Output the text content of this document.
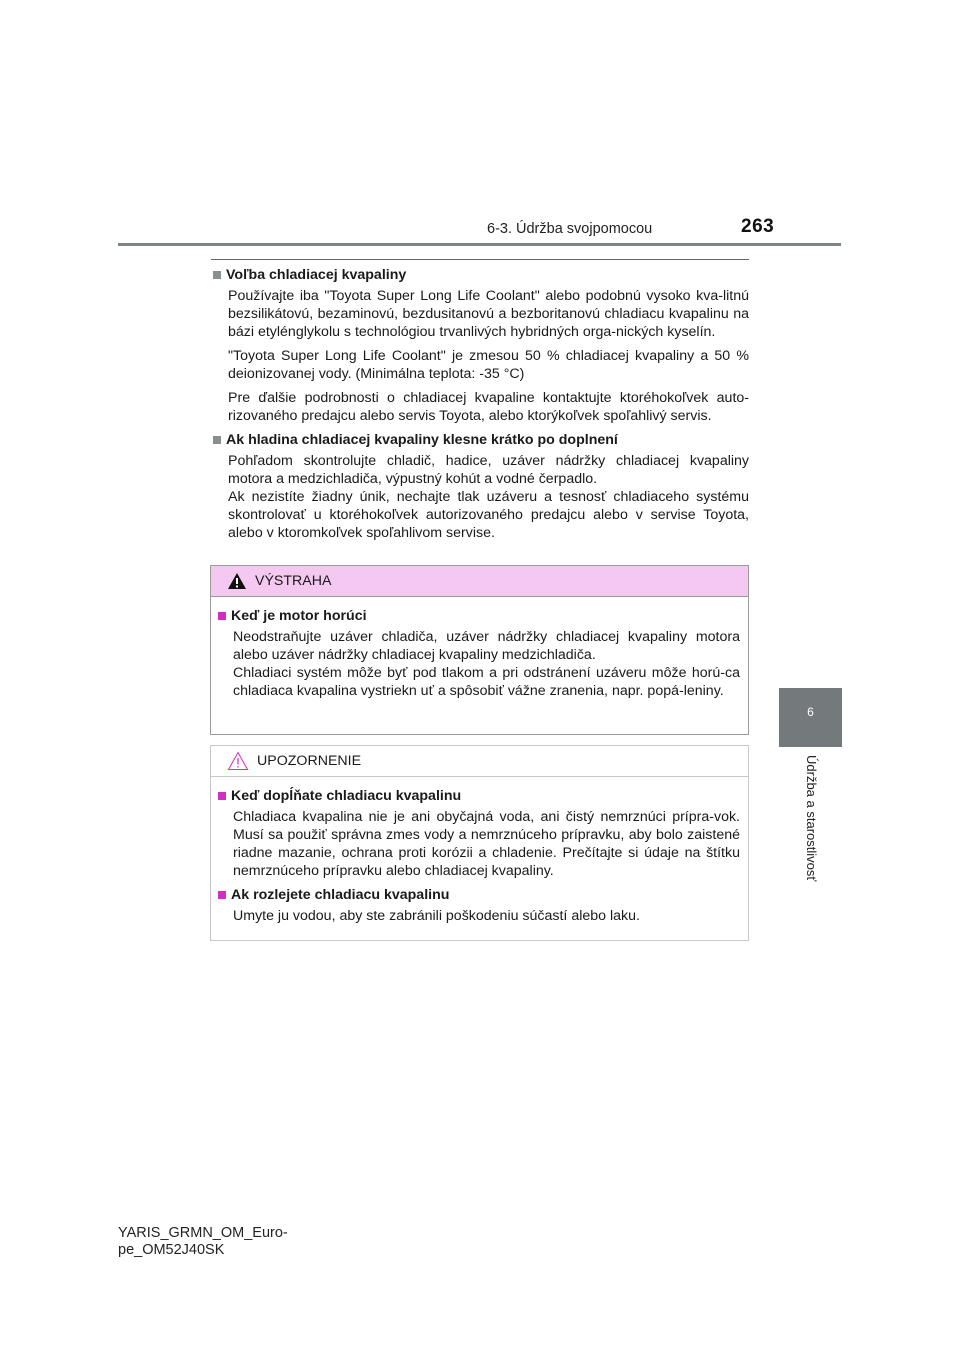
6-3. Údržba svojpomocou	263
6
Údržba a starostlivosť
Voľba chladiacej kvapaliny

Používajte iba "Toyota Super Long Life Coolant" alebo podobnú vysoko kva-litnú bezsilikátovú, bezaminovú, bezdusitanovú a bezboritanovú chladiacu kvapalinu na bázi etylénglykolu s technológiou trvanlivých hybridných orga-nických kyselín.

"Toyota Super Long Life Coolant" je zmesou 50 % chladiacej kvapaliny a 50 % deionizovanej vody. (Minimálna teplota: -35 °C)

Pre ďalšie podrobnosti o chladiacej kvapaline kontaktujte ktoréhokoľvek auto-rizovaného predajcu alebo servis Toyota, alebo ktorýkoľvek spoľahlivý servis.

Ak hladina chladiacej kvapaliny klesne krátko po doplnení

Pohľadom skontrolujte chladič, hadice, uzáver nádržky chladiacej kvapaliny motora a medzichladiča, výpustný kohút a vodné čerpadlo.

Ak nezistíte žiadny únik, nechajte tlak uzáveru a tesnosť chladiaceho systému skontrolovať u ktoréhokoľvek autorizovaného predajcu alebo v servise Toyota, alebo v ktoromkoľvek spoľahlivom servise.

VÝSTRAHA
Keď je motor horúci

Neodstraňujte uzáver chladiča, uzáver nádržky chladiacej kvapaliny motora alebo uzáver nádržky chladiacej kvapaliny medzichladiča.

Chladiaci systém môže byť pod tlakom a pri odstránení uzáveru môže horú-ca chladiaca kvapalina vystriekn uť a spôsobiť vážne zranenia, napr. popá-leniny.

UPOZORNENIE
Keď dopĺňate chladiacu kvapalinu

Chladiaca kvapalina nie je ani obyčajná voda, ani čistý nemrznúci prípra-vok. Musí sa použiť správna zmes vody a nemrznúceho prípravku, aby bolo zaistené riadne mazanie, ochrana proti korózii a chladenie. Prečítajte si údaje na štítku nemrznúceho prípravku alebo chladiacej kvapaliny.

Ak rozlejete chladiacu kvapalinu

Umyte ju vodou, aby ste zabránili poškodeniu súčastí alebo laku.

YARIS_GRMN_OM_Euro-
pe_OM52J40SK
